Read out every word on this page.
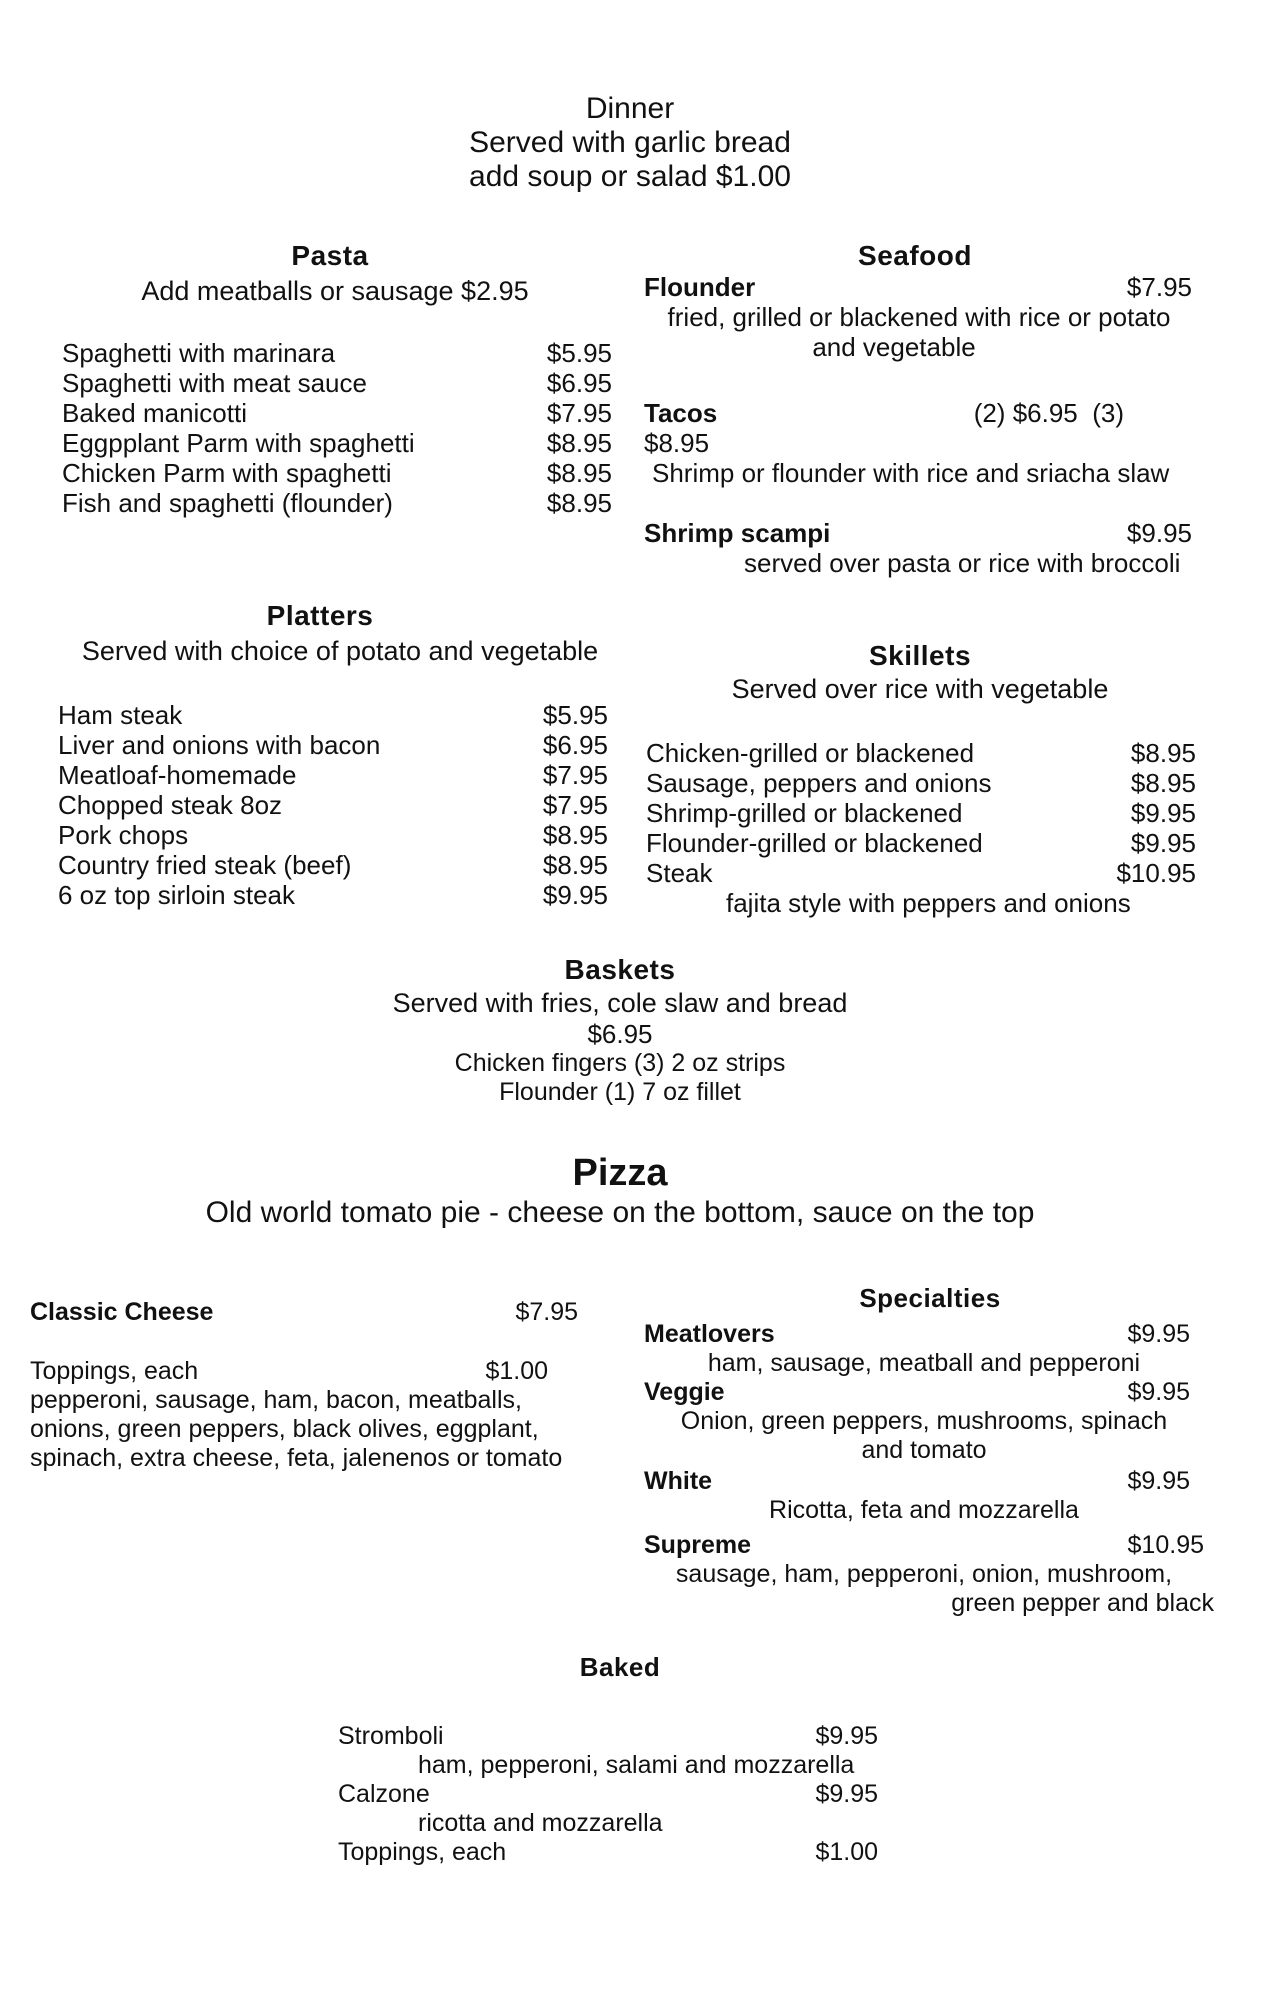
Dinner
Served with garlic bread
add soup or salad $1.00
Pasta
Add meatballs or sausage $2.95
Spaghetti with marinara	$5.95
Spaghetti with meat sauce	$6.95
Baked manicotti	$7.95
Eggpplant Parm with spaghetti	$8.95
Chicken Parm with spaghetti	$8.95
Fish and spaghetti (flounder)	$8.95
Seafood
Flounder	$7.95
fried, grilled or blackened with rice or potato
and vegetable
Tacos	(2) $6.95 (3)
$8.95
Shrimp or flounder with rice and sriacha slaw
Shrimp scampi	$9.95
served over pasta or rice with broccoli
Platters
Served with choice of potato and vegetable
Ham steak	$5.95
Liver and onions with bacon	$6.95
Meatloaf-homemade	$7.95
Chopped steak 8oz	$7.95
Pork chops	$8.95
Country fried steak (beef)	$8.95
6 oz top sirloin steak	$9.95
Skillets
Served over rice with vegetable
Chicken-grilled or blackened	$8.95
Sausage, peppers and onions	$8.95
Shrimp-grilled or blackened	$9.95
Flounder-grilled or blackened	$9.95
Steak	$10.95
fajita style with peppers and onions
Baskets
Served with fries, cole slaw and bread
$6.95
Chicken fingers (3) 2 oz strips
Flounder (1) 7 oz fillet
Pizza
Old world tomato pie - cheese on the bottom, sauce on the top
Classic Cheese	$7.95
Toppings, each	$1.00
pepperoni, sausage, ham, bacon, meatballs,
onions, green peppers, black olives, eggplant,
spinach, extra cheese, feta, jalenenos or tomato
Specialties
Meatlovers	$9.95
ham, sausage, meatball and pepperoni
Veggie	$9.95
Onion, green peppers, mushrooms, spinach
and tomato
White	$9.95
Ricotta, feta and mozzarella
Supreme	$10.95
sausage, ham, pepperoni, onion, mushroom,
green pepper and black
Baked
Stromboli	$9.95
ham, pepperoni, salami and mozzarella
Calzone	$9.95
ricotta and mozzarella
Toppings, each	$1.00
